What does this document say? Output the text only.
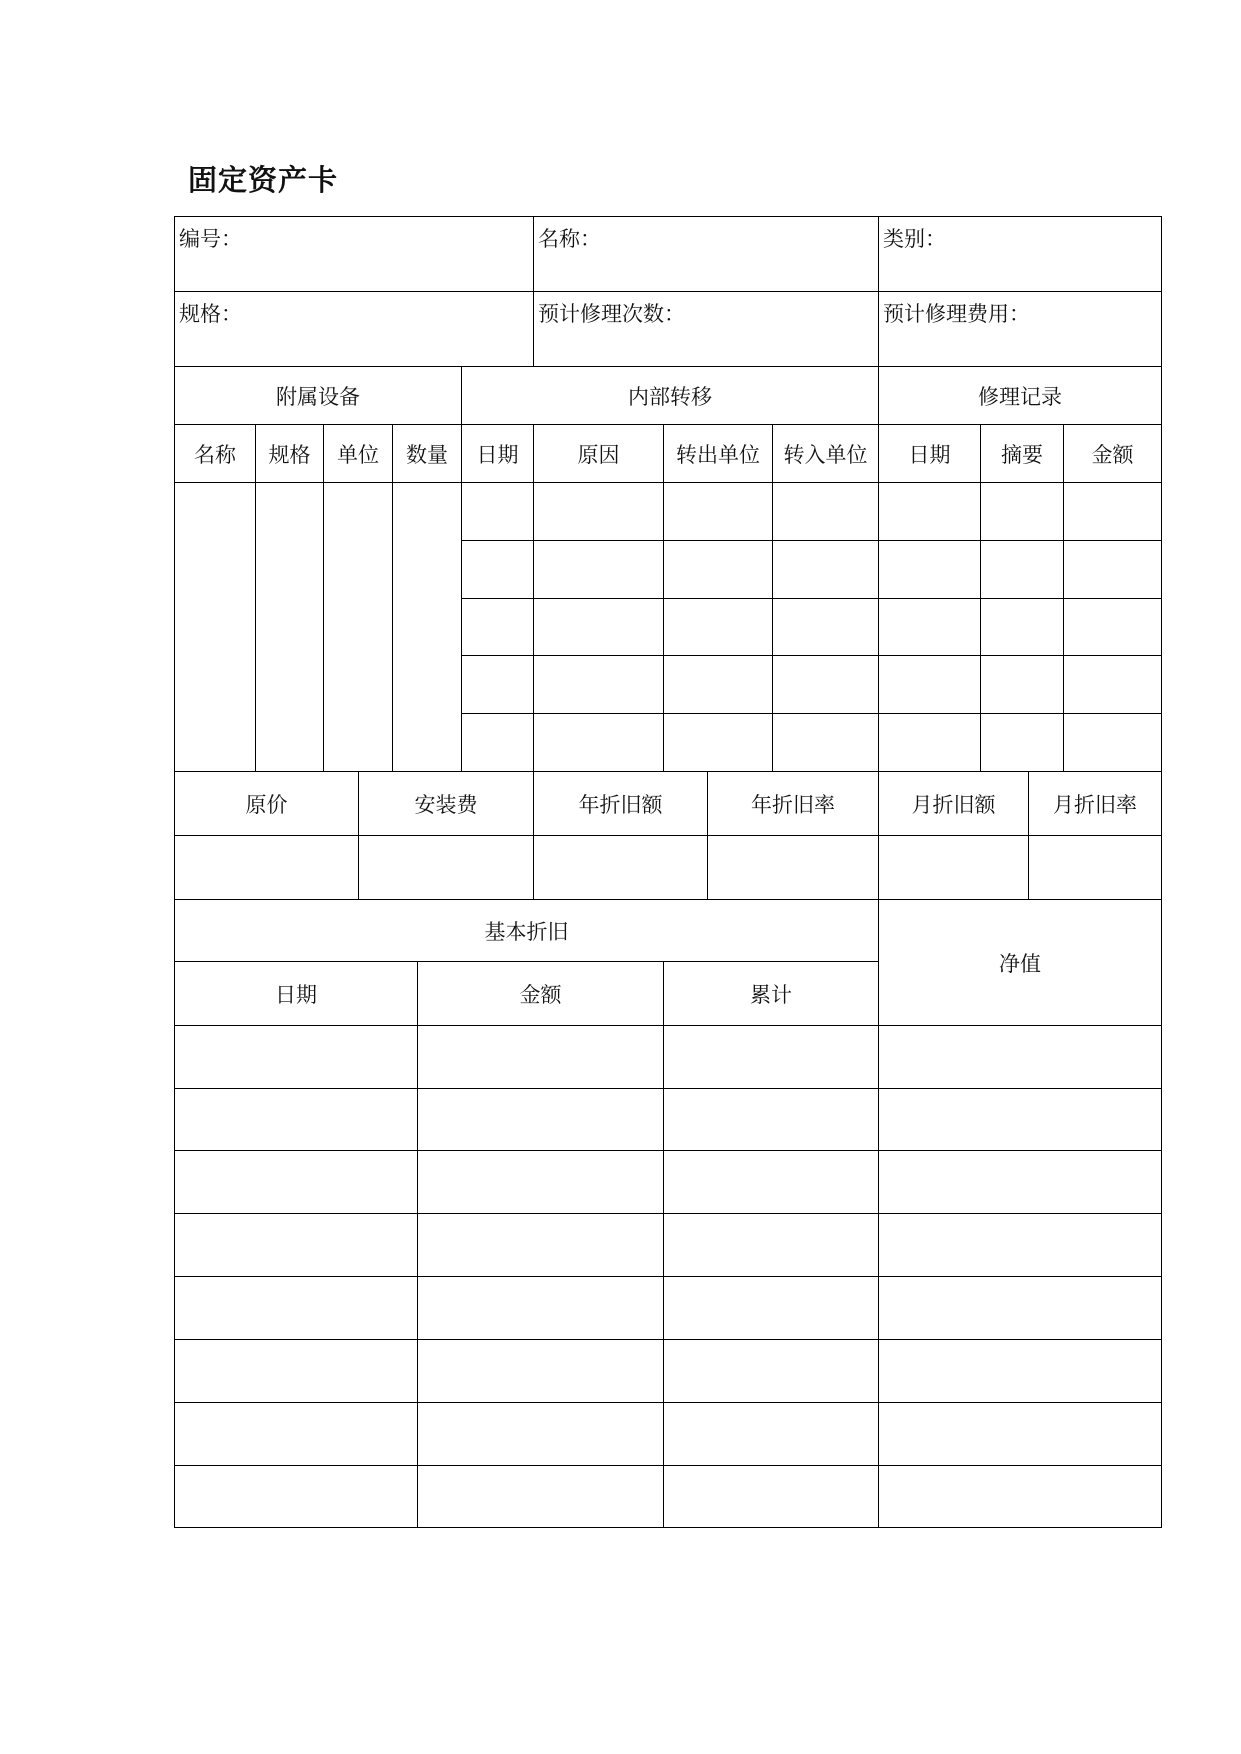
固定资产卡
编号：	名称：	类别：
规格：	预计修理次数：	预计修理费用：
附属设备	内部转移	修理记录
名称	规格	单位	数量	日期	原因	转出单位	转入单位	日期	摘要	金额
原价	安装费	年折旧额	年折旧率	月折旧额	月折旧率
基本折旧
净值
日期	金额	累计
